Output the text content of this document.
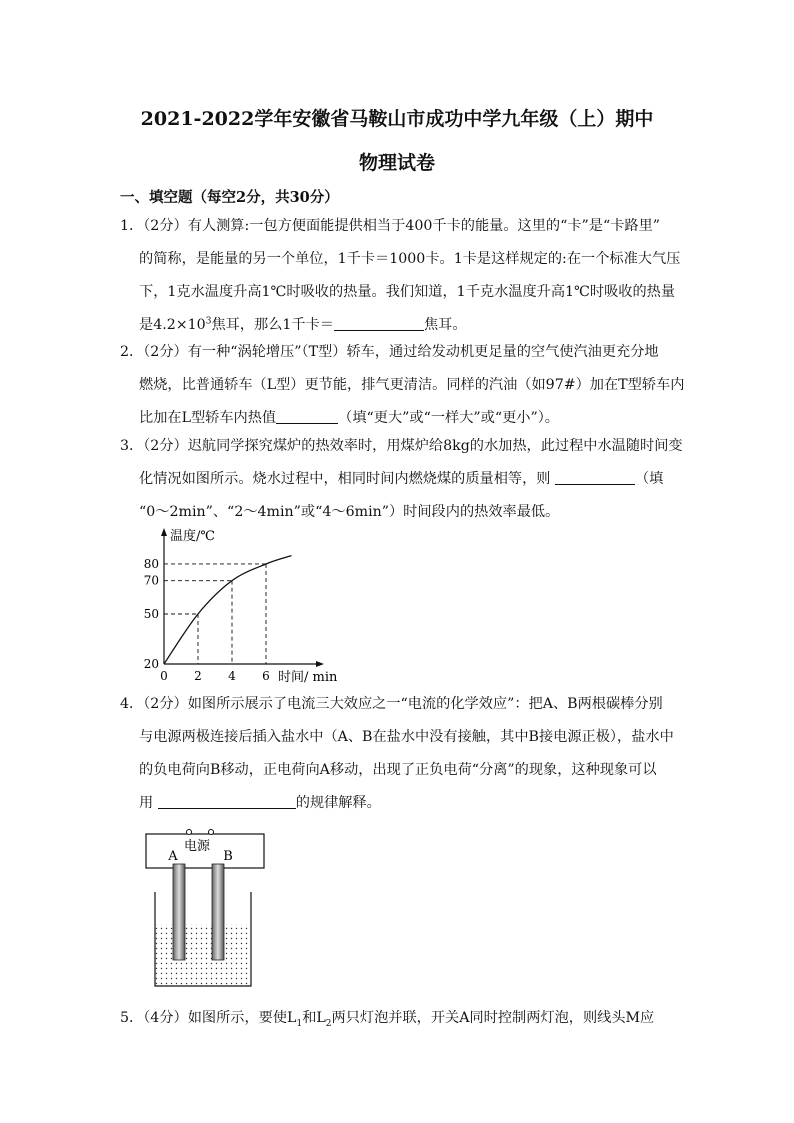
2021-2022学年安徽省马鞍山市成功中学九年级（上）期中
物理试卷
一、填空题（每空2分，共30分）
1．（2分）有人测算:一包方便面能提供相当于400千卡的能量。这里的“卡”是“卡路里”
的简称，是能量的另一个单位，1千卡＝1000卡。1卡是这样规定的:在一个标准大气压
下，1克水温度升高1℃时吸收的热量。我们知道，1千克水温度升高1℃时吸收的热量
是$4.2\times 10^3$焦耳，那么1千卡＝	焦耳。
2．（2分）有一种“涡轮增压”（T型）轿车，通过给发动机更足量的空气使汽油更充分地
燃烧，比普通轿车（L型）更节能，排气更清洁。同样的汽油（如97#）加在T型轿车内
比加在L型轿车内热值	（填“更大”或“一样大”或“更小”）。
3．（2分）迟航同学探究煤炉的热效率时，用煤炉给8kg的水加热，此过程中水温随时间变
化情况如图所示。烧水过程中，相同时间内燃烧煤的质量相等，则	（填
“0～2min”、“2～4min”或“4～6min”）时间段内的热效率最低。
温度/℃
时间/ min
0 2 4 6
20
50
70
80
4．（2分）如图所示展示了电流三大效应之一“电流的化学效应”：把A、B两根碳棒分别
与电源两极连接后插入盐水中（A、B在盐水中没有接触，其中B接电源正极），盐水中
的负电荷向B移动，正电荷向A移动，出现了正负电荷“分离”的现象，这种现象可以
用	的规律解释。
电源
A	B
5．（4分）如图所示，要使$L_1$和$L_2$两只灯泡并联，开关A同时控制两灯泡，则线头M应
